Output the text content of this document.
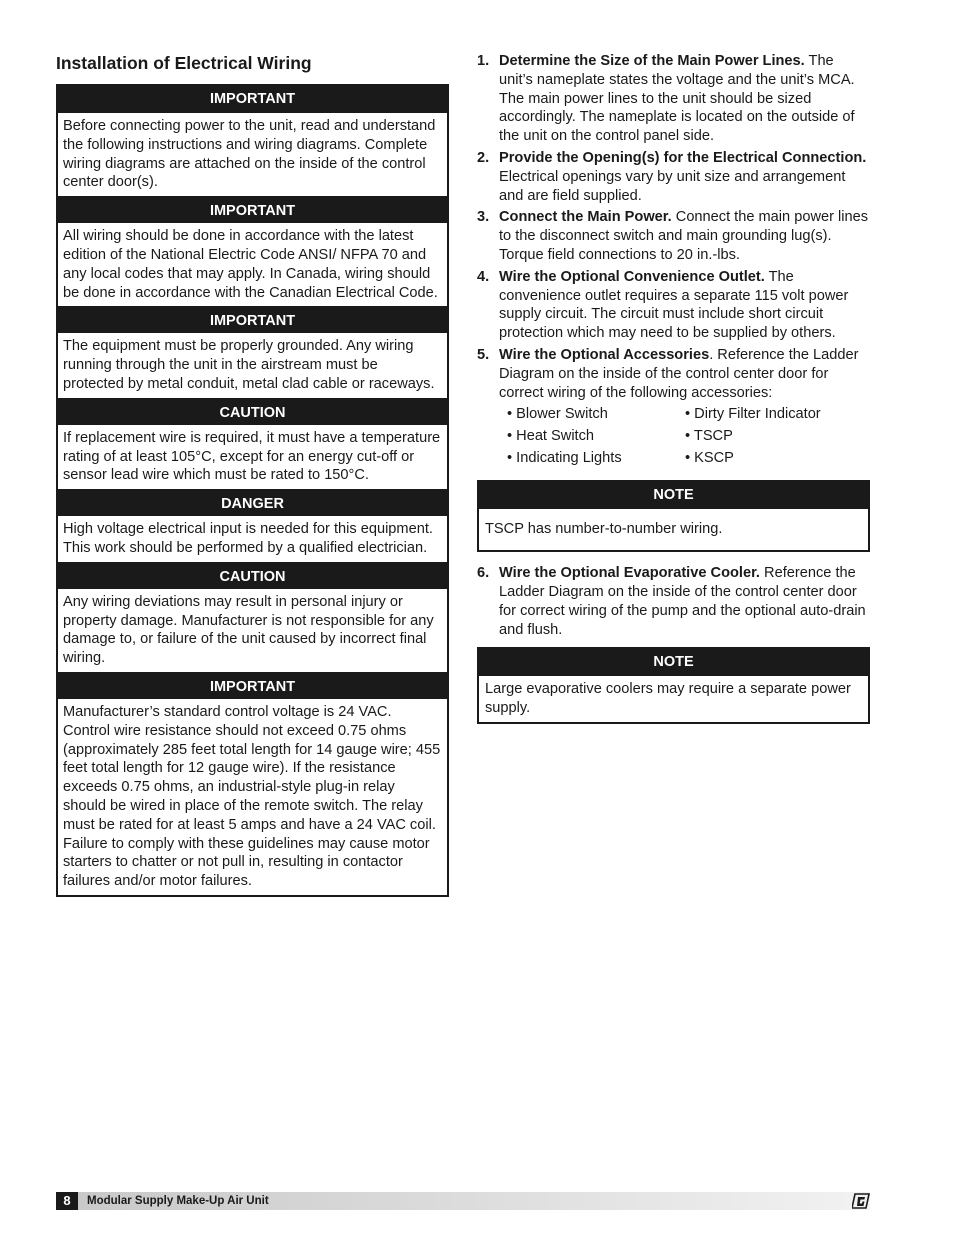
Installation of Electrical Wiring
IMPORTANT
Before connecting power to the unit, read and understand the following instructions and wiring diagrams. Complete wiring diagrams are attached on the inside of the control center door(s).
IMPORTANT
All wiring should be done in accordance with the latest edition of the National Electric Code ANSI/ NFPA 70 and any local codes that may apply. In Canada, wiring should be done in accordance with the Canadian Electrical Code.
IMPORTANT
The equipment must be properly grounded. Any wiring running through the unit in the airstream must be protected by metal conduit, metal clad cable or raceways.
CAUTION
If replacement wire is required, it must have a temperature rating of at least 105°C, except for an energy cut-off or sensor lead wire which must be rated to 150°C.
DANGER
High voltage electrical input is needed for this equipment. This work should be performed by a qualified electrician.
CAUTION
Any wiring deviations may result in personal injury or property damage. Manufacturer is not responsible for any damage to, or failure of the unit caused by incorrect final wiring.
IMPORTANT
Manufacturer’s standard control voltage is 24 VAC. Control wire resistance should not exceed 0.75 ohms (approximately 285 feet total length for 14 gauge wire; 455 feet total length for 12 gauge wire). If the resistance exceeds 0.75 ohms, an industrial-style plug-in relay should be wired in place of the remote switch. The relay must be rated for at least 5 amps and have a 24 VAC coil. Failure to comply with these guidelines may cause motor starters to chatter or not pull in, resulting in contactor failures and/or motor failures.
1. Determine the Size of the Main Power Lines. The unit’s nameplate states the voltage and the unit’s MCA. The main power lines to the unit should be sized accordingly. The nameplate is located on the outside of the unit on the control panel side.
2. Provide the Opening(s) for the Electrical Connection. Electrical openings vary by unit size and arrangement and are field supplied.
3. Connect the Main Power. Connect the main power lines to the disconnect switch and main grounding lug(s). Torque field connections to 20 in.-lbs.
4. Wire the Optional Convenience Outlet. The convenience outlet requires a separate 115 volt power supply circuit. The circuit must include short circuit protection which may need to be supplied by others.
5. Wire the Optional Accessories. Reference the Ladder Diagram on the inside of the control center door for correct wiring of the following accessories:
• Blower Switch	• Dirty Filter Indicator
• Heat Switch	• TSCP
• Indicating Lights	• KSCP
NOTE
TSCP has number-to-number wiring.
6. Wire the Optional Evaporative Cooler. Reference the Ladder Diagram on the inside of the control center door for correct wiring of the pump and the optional auto-drain and flush.
NOTE
Large evaporative coolers may require a separate power supply.
8	Modular Supply Make-Up Air Unit
